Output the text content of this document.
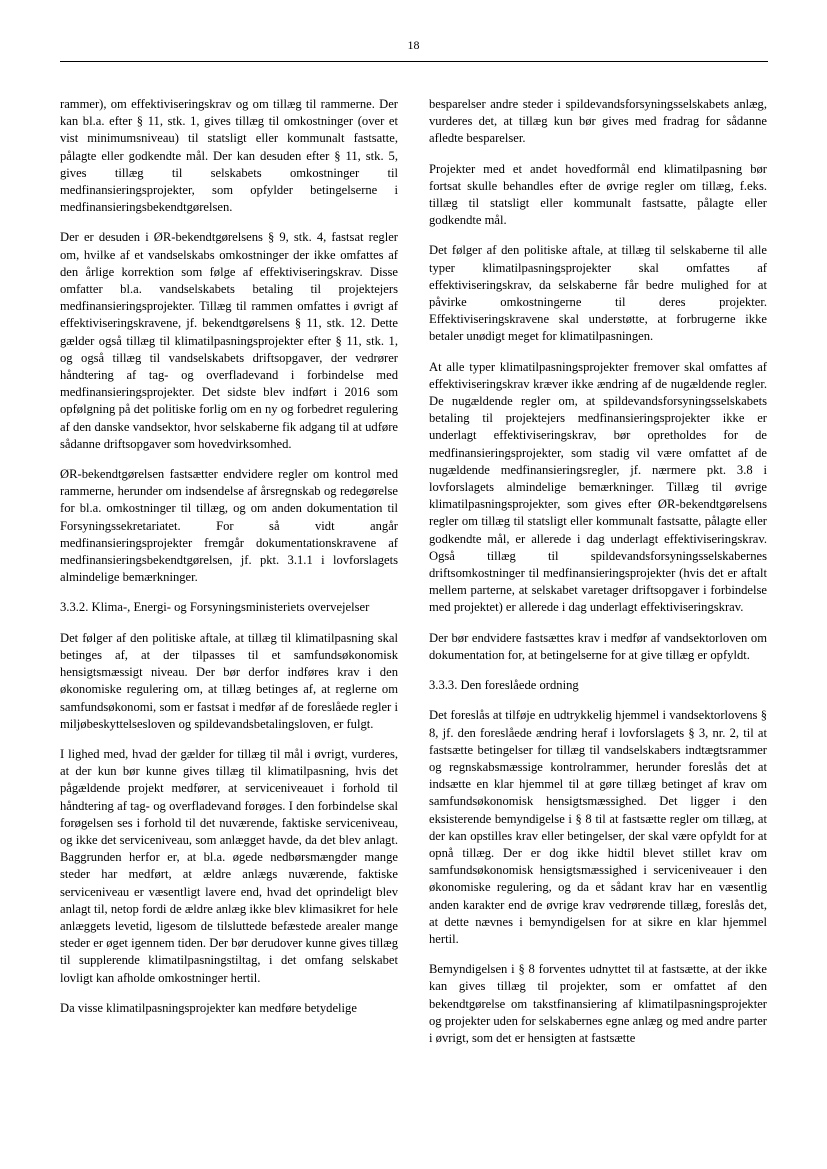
18

rammer), om effektiviseringskrav og om tillæg til rammerne. Der kan bl.a. efter § 11, stk. 1, gives tillæg til omkostninger (over et vist minimumsniveau) til statsligt eller kommunalt fastsatte, pålagte eller godkendte mål. Der kan desuden efter § 11, stk. 5, gives tillæg til selskabets omkostninger til medfinansieringsprojekter, som opfylder betingelserne i medfinansieringsbekendtgørelsen.

Der er desuden i ØR-bekendtgørelsens § 9, stk. 4, fastsat regler om, hvilke af et vandselskabs omkostninger der ikke omfattes af den årlige korrektion som følge af effektiviseringskrav. Disse omfatter bl.a. vandselskabets betaling til projektejers medfinansieringsprojekter. Tillæg til rammen omfattes i øvrigt af effektiviseringskravene, jf. bekendtgørelsens § 11, stk. 12. Dette gælder også tillæg til klimatilpasningsprojekter efter § 11, stk. 1, og også tillæg til vandselskabets driftsopgaver, der vedrører håndtering af tag- og overfladevand i forbindelse med medfinansieringsprojekter. Det sidste blev indført i 2016 som opfølgning på det politiske forlig om en ny og forbedret regulering af den danske vandsektor, hvor selskaberne fik adgang til at udføre sådanne driftsopgaver som hovedvirksomhed.

ØR-bekendtgørelsen fastsætter endvidere regler om kontrol med rammerne, herunder om indsendelse af årsregnskab og redegørelse for bl.a. omkostninger til tillæg, og om anden dokumentation til Forsyningssekretariatet. For så vidt angår medfinansieringsprojekter fremgår dokumentationskravene af medfinansieringsbekendtgørelsen, jf. pkt. 3.1.1 i lovforslagets almindelige bemærkninger.

3.3.2. Klima-, Energi- og Forsyningsministeriets overvejelser

Det følger af den politiske aftale, at tillæg til klimatilpasning skal betinges af, at der tilpasses til et samfundsøkonomisk hensigtsmæssigt niveau. Der bør derfor indføres krav i den økonomiske regulering om, at tillæg betinges af, at reglerne om samfundsøkonomi, som er fastsat i medfør af de foreslåede regler i miljøbeskyttelsesloven og spildevandsbetalingsloven, er fulgt.

I lighed med, hvad der gælder for tillæg til mål i øvrigt, vurderes, at der kun bør kunne gives tillæg til klimatilpasning, hvis det pågældende projekt medfører, at serviceniveauet i forhold til håndtering af tag- og overfladevand forøges. I den forbindelse skal forøgelsen ses i forhold til det nuværende, faktiske serviceniveau, og ikke det serviceniveau, som anlægget havde, da det blev anlagt. Baggrunden herfor er, at bl.a. øgede nedbørsmængder mange steder har medført, at ældre anlægs nuværende, faktiske serviceniveau er væsentligt lavere end, hvad det oprindeligt blev anlagt til, netop fordi de ældre anlæg ikke blev klimasikret for hele anlæggets levetid, ligesom de tilsluttede befæstede arealer mange steder er øget igennem tiden. Der bør derudover kunne gives tillæg til supplerende klimatilpasningstiltag, i det omfang selskabet lovligt kan afholde omkostninger hertil.

Da visse klimatilpasningsprojekter kan medføre betydelige

besparelser andre steder i spildevandsforsyningsselskabets anlæg, vurderes det, at tillæg kun bør gives med fradrag for sådanne afledte besparelser.

Projekter med et andet hovedformål end klimatilpasning bør fortsat skulle behandles efter de øvrige regler om tillæg, f.eks. tillæg til statsligt eller kommunalt fastsatte, pålagte eller godkendte mål.

Det følger af den politiske aftale, at tillæg til selskaberne til alle typer klimatilpasningsprojekter skal omfattes af effektiviseringskrav, da selskaberne får bedre mulighed for at påvirke omkostningerne til deres projekter. Effektiviseringskravene skal understøtte, at forbrugerne ikke betaler unødigt meget for klimatilpasningen.

At alle typer klimatilpasningsprojekter fremover skal omfattes af effektiviseringskrav kræver ikke ændring af de nugældende regler. De nugældende regler om, at spildevandsforsyningsselskabets betaling til projektejers medfinansieringsprojekter ikke er underlagt effektiviseringskrav, bør opretholdes for de medfinansieringsprojekter, som stadig vil være omfattet af de nugældende medfinansieringsregler, jf. nærmere pkt. 3.8 i lovforslagets almindelige bemærkninger. Tillæg til øvrige klimatilpasningsprojekter, som gives efter ØR-bekendtgørelsens regler om tillæg til statsligt eller kommunalt fastsatte, pålagte eller godkendte mål, er allerede i dag underlagt effektiviseringskrav. Også tillæg til spildevandsforsyningsselskabernes driftsomkostninger til medfinansieringsprojekter (hvis det er aftalt mellem parterne, at selskabet varetager driftsopgaver i forbindelse med projektet) er allerede i dag underlagt effektiviseringskrav.

Der bør endvidere fastsættes krav i medfør af vandsektorloven om dokumentation for, at betingelserne for at give tillæg er opfyldt.

3.3.3. Den foreslåede ordning

Det foreslås at tilføje en udtrykkelig hjemmel i vandsektorlovens § 8, jf. den foreslåede ændring heraf i lovforslagets § 3, nr. 2, til at fastsætte betingelser for tillæg til vandselskabers indtægtsrammer og regnskabsmæssige kontrolrammer, herunder foreslås det at indsætte en klar hjemmel til at gøre tillæg betinget af krav om samfundsøkonomisk hensigtsmæssighed. Det ligger i den eksisterende bemyndigelse i § 8 til at fastsætte regler om tillæg, at der kan opstilles krav eller betingelser, der skal være opfyldt for at opnå tillæg. Der er dog ikke hidtil blevet stillet krav om samfundsøkonomisk hensigtsmæssighed i serviceniveauer i den økonomiske regulering, og da et sådant krav har en væsentlig anden karakter end de øvrige krav vedrørende tillæg, foreslås det, at dette nævnes i bemyndigelsen for at sikre en klar hjemmel hertil.

Bemyndigelsen i § 8 forventes udnyttet til at fastsætte, at der ikke kan gives tillæg til projekter, som er omfattet af den bekendtgørelse om takstfinansiering af klimatilpasningsprojekter og projekter uden for selskabernes egne anlæg og med andre parter i øvrigt, som det er hensigten at fastsætte
